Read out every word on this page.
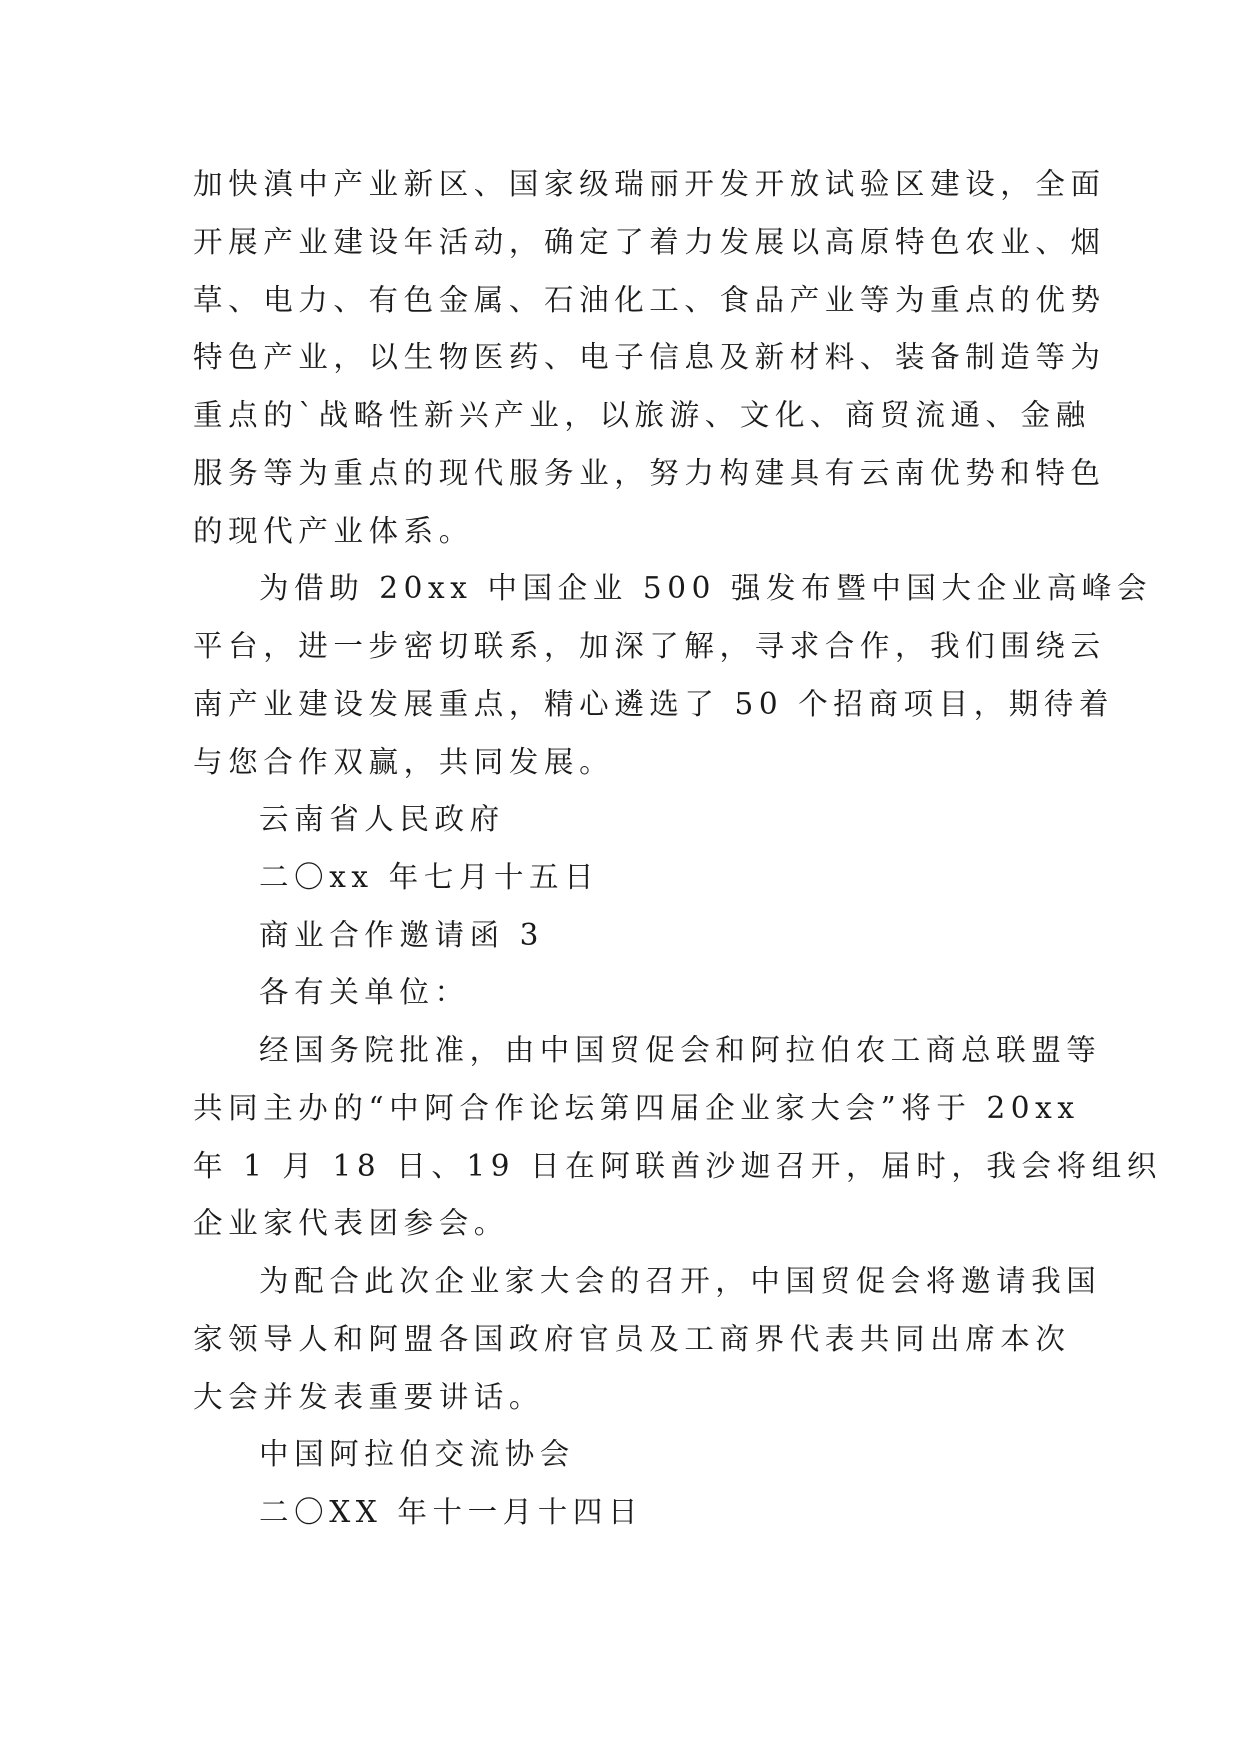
加快滇中产业新区、国家级瑞丽开发开放试验区建设，全面
开展产业建设年活动，确定了着力发展以高原特色农业、烟
草、电力、有色金属、石油化工、食品产业等为重点的优势
特色产业，以生物医药、电子信息及新材料、装备制造等为
重点的`战略性新兴产业，以旅游、文化、商贸流通、金融
服务等为重点的现代服务业，努力构建具有云南优势和特色
的现代产业体系。
为借助 20xx 中国企业 500 强发布暨中国大企业高峰会
平台，进一步密切联系，加深了解，寻求合作，我们围绕云
南产业建设发展重点，精心遴选了 50 个招商项目，期待着
与您合作双赢，共同发展。
云南省人民政府
二〇xx 年七月十五日
商业合作邀请函 3
各有关单位：
经国务院批准，由中国贸促会和阿拉伯农工商总联盟等
共同主办的“中阿合作论坛第四届企业家大会”将于 20xx
年 1 月 18 日、19 日在阿联酋沙迦召开，届时，我会将组织
企业家代表团参会。
为配合此次企业家大会的召开，中国贸促会将邀请我国
家领导人和阿盟各国政府官员及工商界代表共同出席本次
大会并发表重要讲话。
中国阿拉伯交流协会
二〇XX 年十一月十四日
